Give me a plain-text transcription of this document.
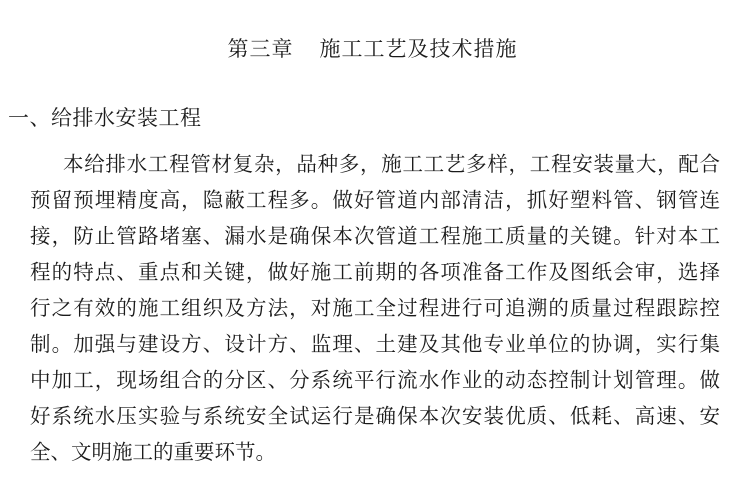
第三章 施工工艺及技术措施
一、给排水安装工程
本给排水工程管材复杂，品种多，施工工艺多样，工程安装量大，配合
预留预埋精度高，隐蔽工程多。做好管道内部清洁，抓好塑料管、钢管连
接，防止管路堵塞、漏水是确保本次管道工程施工质量的关键。针对本工
程的特点、重点和关键，做好施工前期的各项准备工作及图纸会审，选择
行之有效的施工组织及方法，对施工全过程进行可追溯的质量过程跟踪控
制。加强与建设方、设计方、监理、土建及其他专业单位的协调，实行集
中加工，现场组合的分区、分系统平行流水作业的动态控制计划管理。做
好系统水压实验与系统安全试运行是确保本次安装优质、低耗、高速、安
全、文明施工的重要环节。
